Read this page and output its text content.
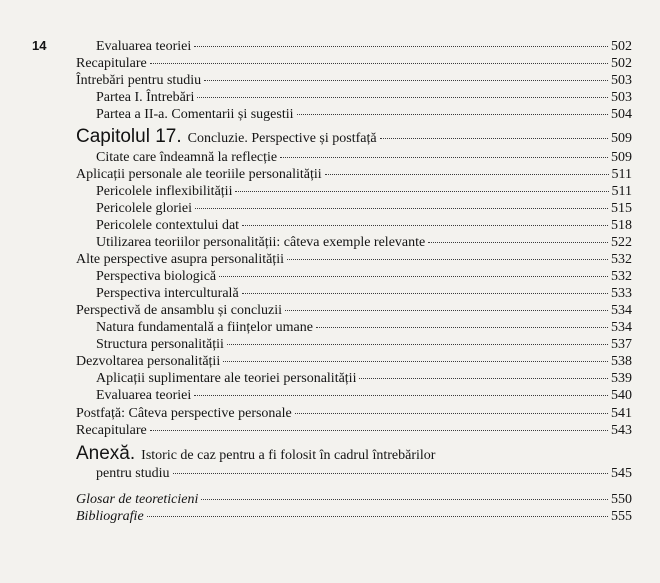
14	Evaluarea teoriei	502
Recapitulare	502
Întrebări pentru studiu	503
Partea I. Întrebări	503
Partea a II-a. Comentarii și sugestii	504
Capitolul 17. Concluzie. Perspective și postfață	509
Citate care îndeamnă la reflecție	509
Aplicații personale ale teoriile personalității	511
Pericolele inflexibilității	511
Pericolele gloriei	515
Pericolele contextului dat	518
Utilizarea teoriilor personalității: câteva exemple relevante	522
Alte perspective asupra personalității	532
Perspectiva biologică	532
Perspectiva interculturală	533
Perspectivă de ansamblu și concluzii	534
Natura fundamentală a ființelor umane	534
Structura personalității	537
Dezvoltarea personalității	538
Aplicații suplimentare ale teoriei personalității	539
Evaluarea teoriei	540
Postfață: Câteva perspective personale	541
Recapitulare	543
Anexă. Istoric de caz pentru a fi folosit în cadrul întrebărilor
pentru studiu	545
Glosar de teoreticieni	550
Bibliografie	555
